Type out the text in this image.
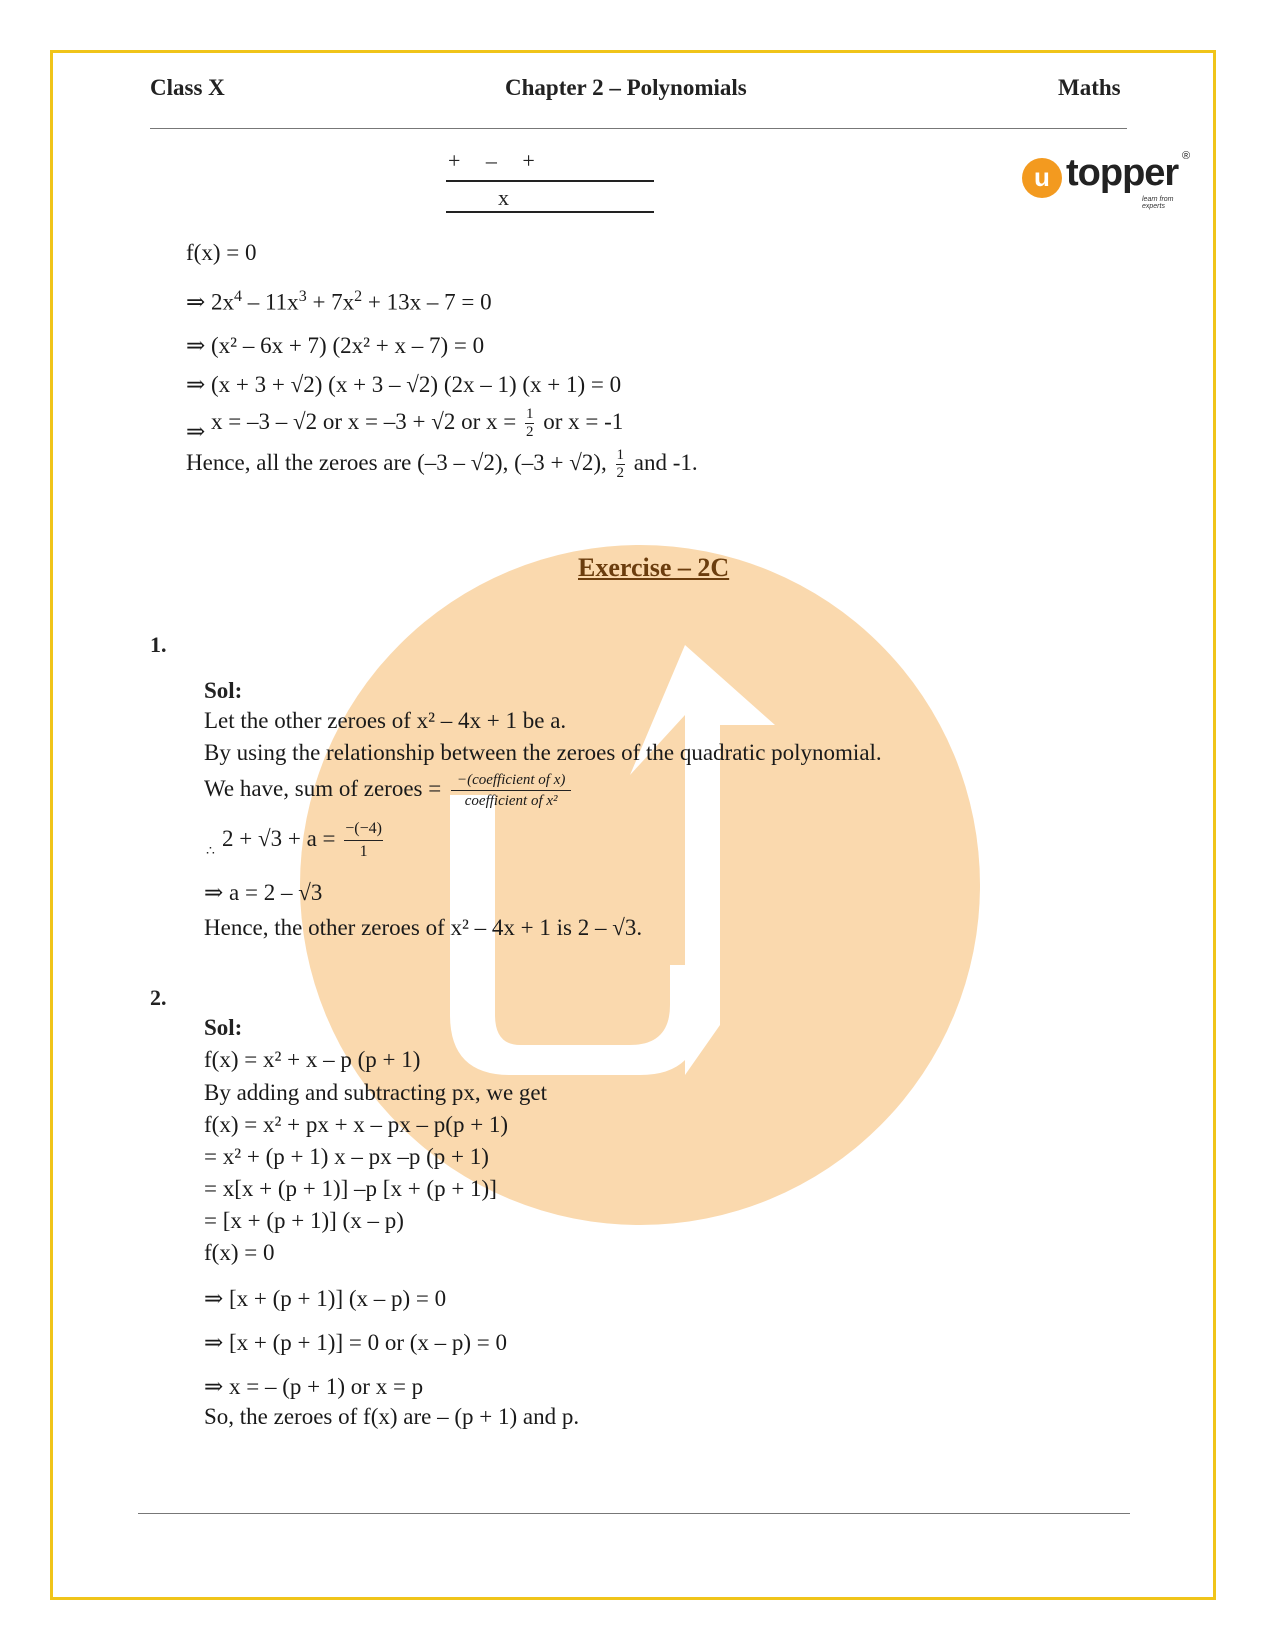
Class X	Chapter 2 – Polynomials	Maths
u topper ®
learn from experts
+ – +
x
f(x) = 0
⇒ $2x^4 - 11x^3 + 7x^2 + 13x - 7 = 0$
⇒ (x² – 6x + 7) (2x² + x – 7) = 0
⇒ (x + 3 + √2) (x + 3 – √2) (2x – 1) (x + 1) = 0
⇒ x = –3 – √2 or x = –3 + √2 or $x = \frac{1}{2}$ or x = -1
Hence, all the zeroes are (–3 – √2), (–3 + √2), $\frac{1}{2}$ and -1.
Exercise – 2C
1.
Sol:
Let the other zeroes of x² – 4x + 1 be a.
By using the relationship between the zeroes of the quadratic polynomial.
We have, sum of zeroes = $\frac{\text{−(coefficient of x)}}{\text{coefficient of x²}}$
∴
$2 + √3 + a = \frac{-(-4)}{1}$
⇒ a = 2 – √3
Hence, the other zeroes of x² – 4x + 1 is 2 – √3.
2.
Sol:
f(x) = x² + x – p (p + 1)
By adding and subtracting px, we get
f(x) = x² + px + x – px – p(p + 1)
= x² + (p + 1) x – px –p (p + 1)
= x[x + (p + 1)] –p [x + (p + 1)]
= [x + (p + 1)] (x – p)
f(x) = 0
⇒ [x + (p + 1)] (x – p) = 0
⇒ [x + (p + 1)] = 0 or (x – p) = 0
⇒ x = – (p + 1) or x = p
So, the zeroes of f(x) are – (p + 1) and p.
